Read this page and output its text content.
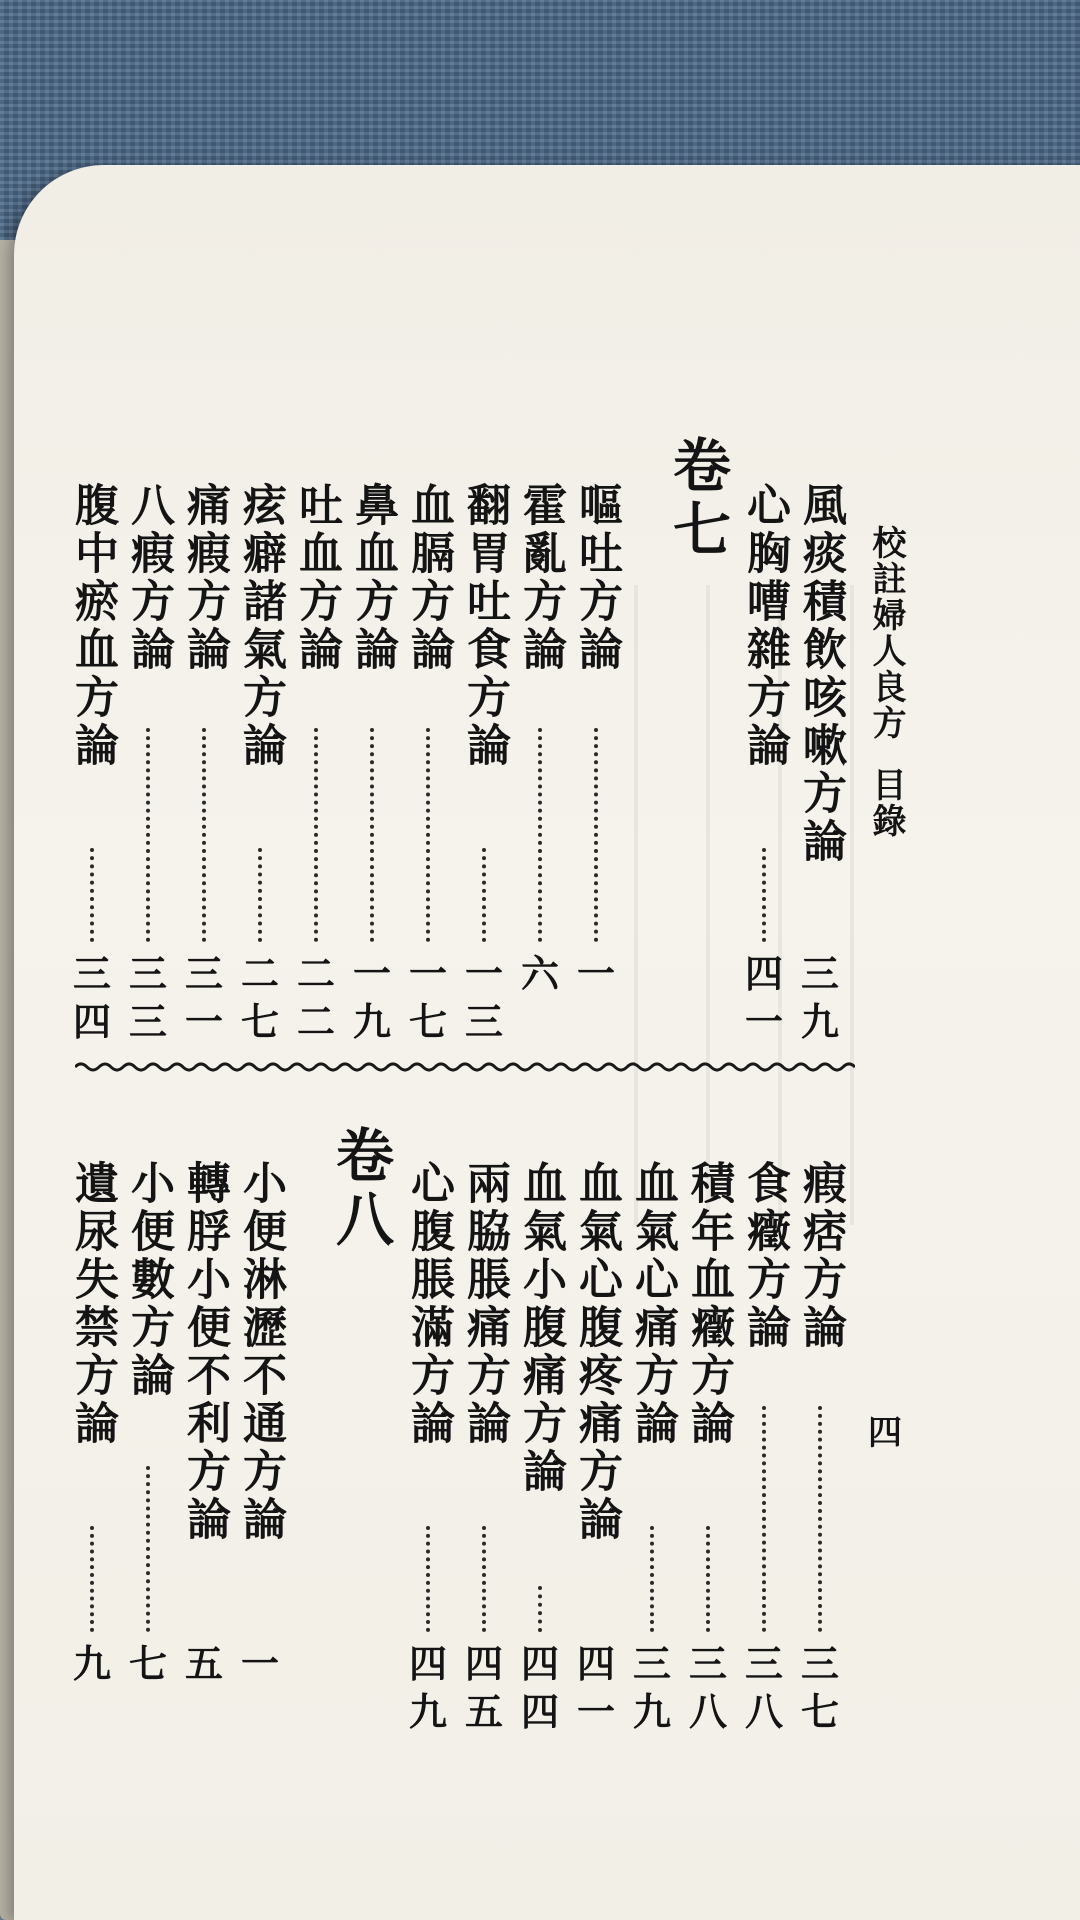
校註婦人良方目錄
卷七 風痰積飲咳嗽方論
心胸嘈雜方論
嘔吐方論
霍亂方論
翻胃吐食方論
血膈方論
鼻血方論
吐血方論
痃癖諸氣方論
痛瘕方論
八瘕方論
腹中瘀血方論
卷八	瘕痞方論
食癥方論
積年血癥方論
血氣心痛方論
血氣心腹疼痛方論
血氣小腹痛方論
兩脇脹痛方論
心腹脹滿方論
小便淋瀝不通方論
轉脬小便不利方論
小便數方論
遺尿失禁方論	四
三
九
四
一
一
六
一
三
一
七
一
九
二
二
二
七
三
一
三
三
三
四
三
七
三
八
三
八
三
九
四
一
四
四
四
五
四
九
一
五
七
九
